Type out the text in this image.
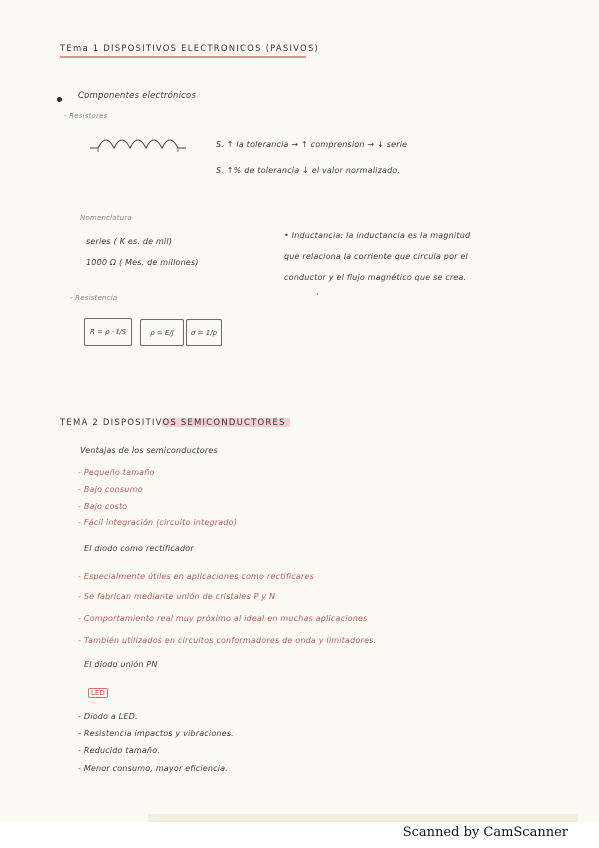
TEma 1 DISPOSITIVOS ELECTRONICOS (PASIVOS)
Componentes electrónicos
- Resistores
S. ↑ la tolerancia → ↑ comprension → ↓ serie
S. ↑% de tolerancia ↓ el valor normalizado.
Nomenclatura
series ( K es. de mil)
1000 Ω ( Mes. de millones)
• Inductancia: la inductancia es la magnitud
que relaciona la corriente que circula por el
conductor y el flujo magnético que se crea.
·
- Resistencia
R = ρ · ℓ/S	ρ = E/J	σ = 1/ρ
TEMA 2 DISPOSITIVOS SEMICONDUCTORES
Ventajas de los semiconductores
- Pequeño tamaño
- Bajo consumo
- Bajo costo
- Fácil integración (circuito integrado)
El diodo como rectificador
- Especialmente útiles en aplicaciones como rectificares
- Se fabrican mediante unión de cristales P y N
- Comportamiento real muy próximo al ideal en muchas aplicaciones
- También utilizados en circuitos conformadores de onda y limitadores.
El diodo unión PN
LED
- Diodo a LED.
- Resistencia impactos y vibraciones.
- Reducido tamaño.
- Menor consumo, mayor eficiencia.
Scanned by CamScanner
